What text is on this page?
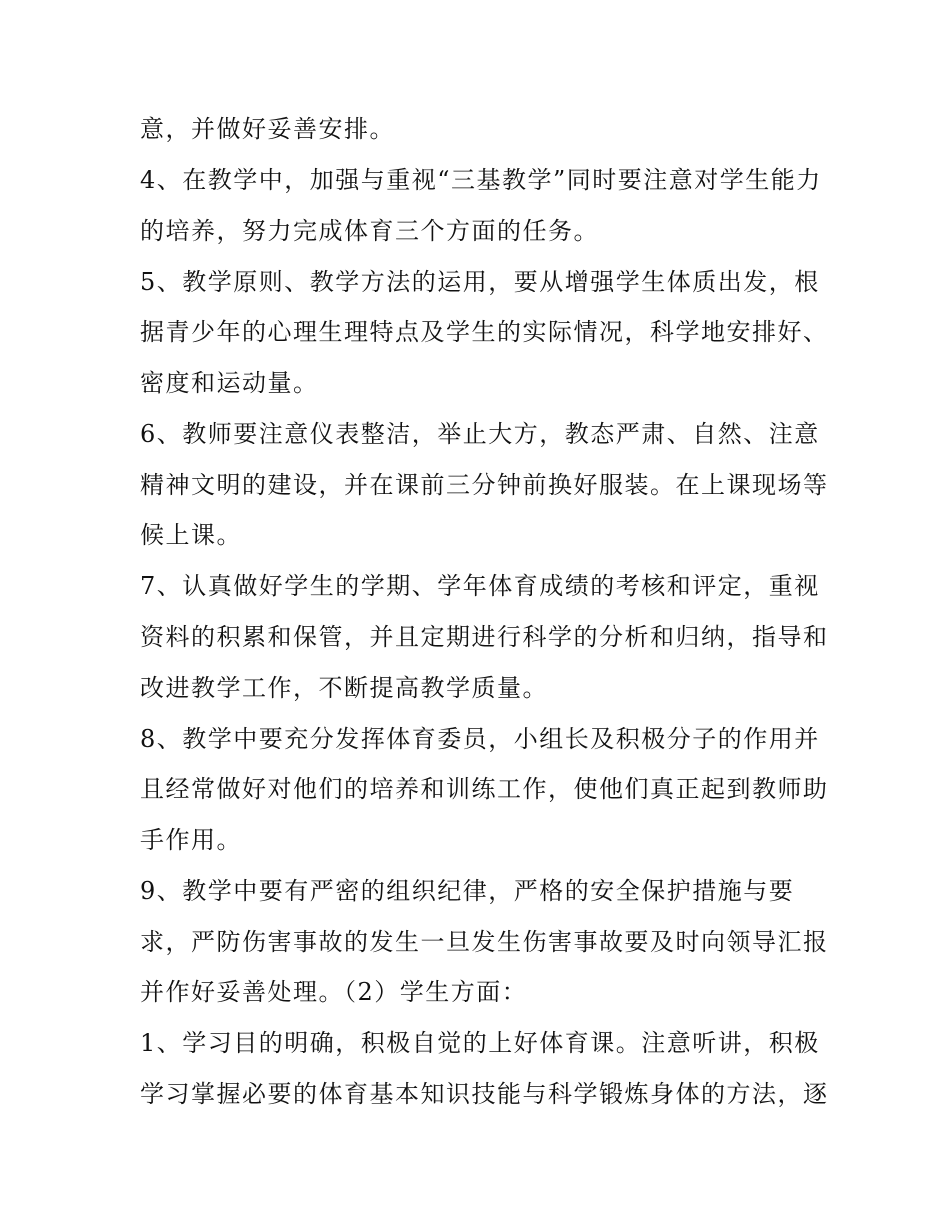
意，并做好妥善安排。
4、在教学中，加强与重视“三基教学”同时要注意对学生能力
的培养，努力完成体育三个方面的任务。
5、教学原则、教学方法的运用，要从增强学生体质出发，根
据青少年的心理生理特点及学生的实际情况，科学地安排好、
密度和运动量。
6、教师要注意仪表整洁，举止大方，教态严肃、自然、注意
精神文明的建设，并在课前三分钟前换好服装。在上课现场等
候上课。
7、认真做好学生的学期、学年体育成绩的考核和评定，重视
资料的积累和保管，并且定期进行科学的分析和归纳，指导和
改进教学工作，不断提高教学质量。
8、教学中要充分发挥体育委员，小组长及积极分子的作用并
且经常做好对他们的培养和训练工作，使他们真正起到教师助
手作用。
9、教学中要有严密的组织纪律，严格的安全保护措施与要
求，严防伤害事故的发生一旦发生伤害事故要及时向领导汇报
并作好妥善处理。（2）学生方面：
1、学习目的明确，积极自觉的上好体育课。注意听讲，积极
学习掌握必要的体育基本知识技能与科学锻炼身体的方法，逐
